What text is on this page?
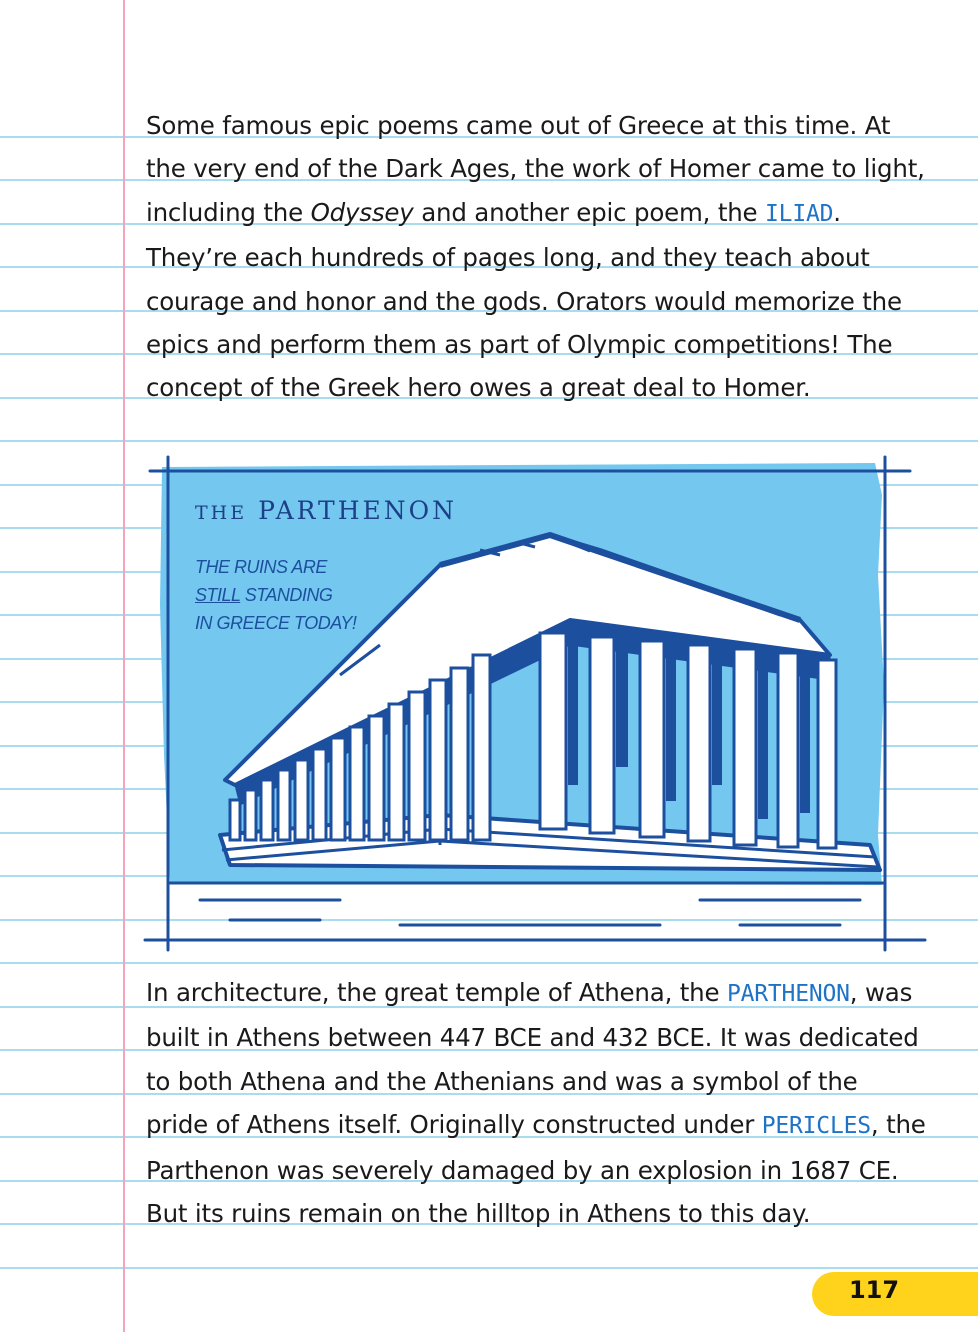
Some famous epic poems came out of Greece at this time. At the very end of the Dark Ages, the work of Homer came to light, including the Odyssey and another epic poem, the ILIAD. They’re each hundreds of pages long, and they teach about courage and honor and the gods. Orators would memorize the epics and perform them as part of Olympic competitions! The concept of the Greek hero owes a great deal to Homer.
THE PARTHENON
THE RUINS ARE
STILL STANDING
IN GREECE TODAY!
In architecture, the great temple of Athena, the PARTHENON, was built in Athens between 447 BCE and 432 BCE. It was dedicated to both Athena and the Athenians and was a symbol of the pride of Athens itself. Originally constructed under PERICLES, the Parthenon was severely damaged by an explosion in 1687 CE. But its ruins remain on the hilltop in Athens to this day.
117
